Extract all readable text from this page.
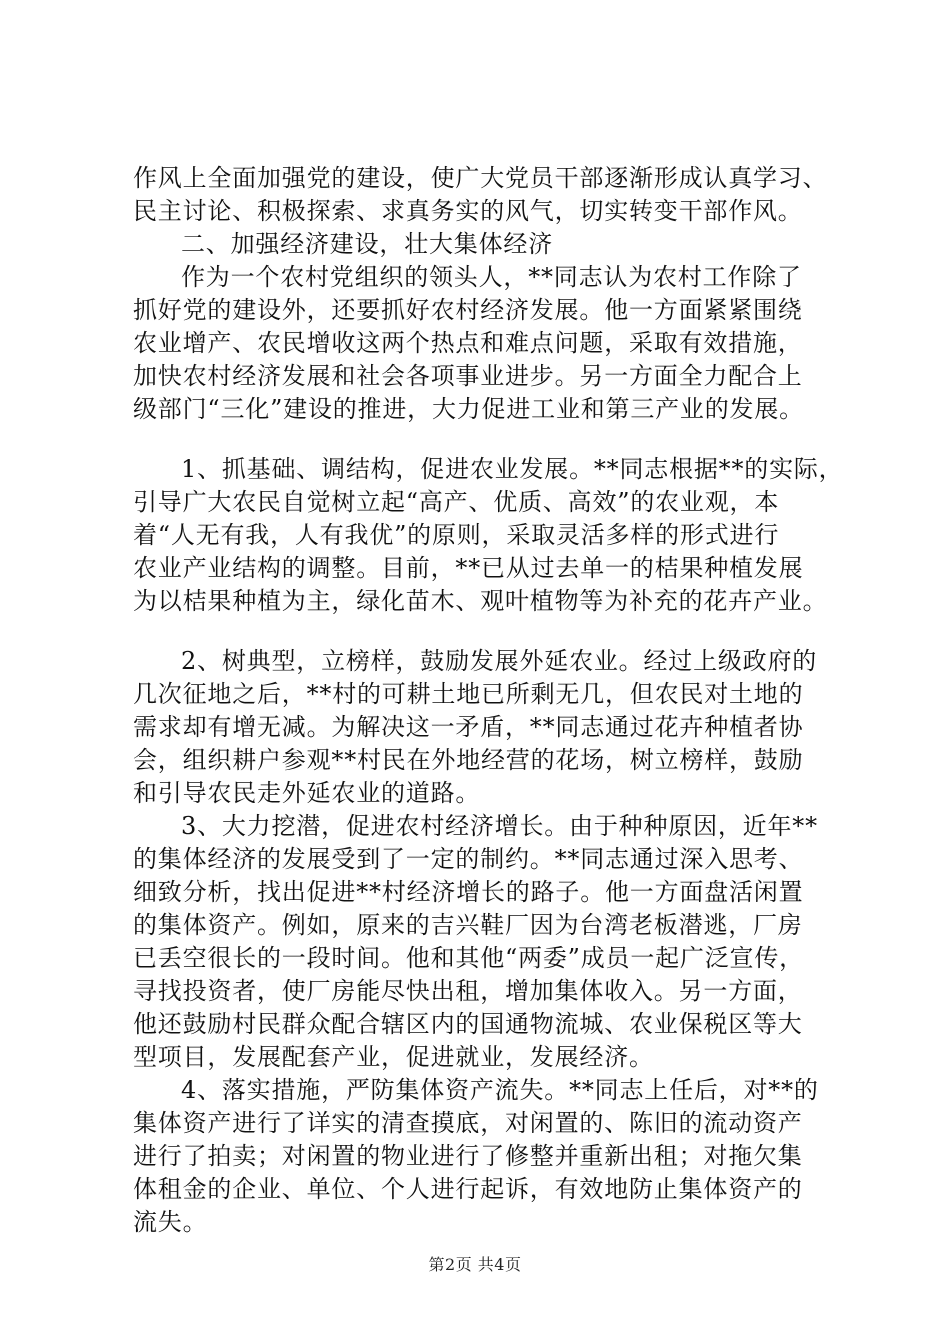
作风上全面加强党的建设，使广大党员干部逐渐形成认真学习、
民主讨论、积极探索、求真务实的风气，切实转变干部作风。
二、加强经济建设，壮大集体经济
作为一个农村党组织的领头人，**同志认为农村工作除了
抓好党的建设外，还要抓好农村经济发展。他一方面紧紧围绕
农业增产、农民增收这两个热点和难点问题，采取有效措施，
加快农村经济发展和社会各项事业进步。另一方面全力配合上
级部门“三化”建设的推进，大力促进工业和第三产业的发展。
1、抓基础、调结构，促进农业发展。**同志根据**的实际，
引导广大农民自觉树立起“高产、优质、高效”的农业观，本
着“人无有我，人有我优”的原则，采取灵活多样的形式进行
农业产业结构的调整。目前，**已从过去单一的桔果种植发展
为以桔果种植为主，绿化苗木、观叶植物等为补充的花卉产业。
2、树典型，立榜样，鼓励发展外延农业。经过上级政府的
几次征地之后，**村的可耕土地已所剩无几，但农民对土地的
需求却有增无减。为解决这一矛盾，**同志通过花卉种植者协
会，组织耕户参观**村民在外地经营的花场，树立榜样，鼓励
和引导农民走外延农业的道路。
3、大力挖潜，促进农村经济增长。由于种种原因，近年**
的集体经济的发展受到了一定的制约。**同志通过深入思考、
细致分析，找出促进**村经济增长的路子。他一方面盘活闲置
的集体资产。例如，原来的吉兴鞋厂因为台湾老板潜逃，厂房
已丢空很长的一段时间。他和其他“两委”成员一起广泛宣传，
寻找投资者，使厂房能尽快出租，增加集体收入。另一方面，
他还鼓励村民群众配合辖区内的国通物流城、农业保税区等大
型项目，发展配套产业，促进就业，发展经济。
4、落实措施，严防集体资产流失。**同志上任后，对**的
集体资产进行了详实的清查摸底，对闲置的、陈旧的流动资产
进行了拍卖；对闲置的物业进行了修整并重新出租；对拖欠集
体租金的企业、单位、个人进行起诉，有效地防止集体资产的
流失。
第2页 共4页
